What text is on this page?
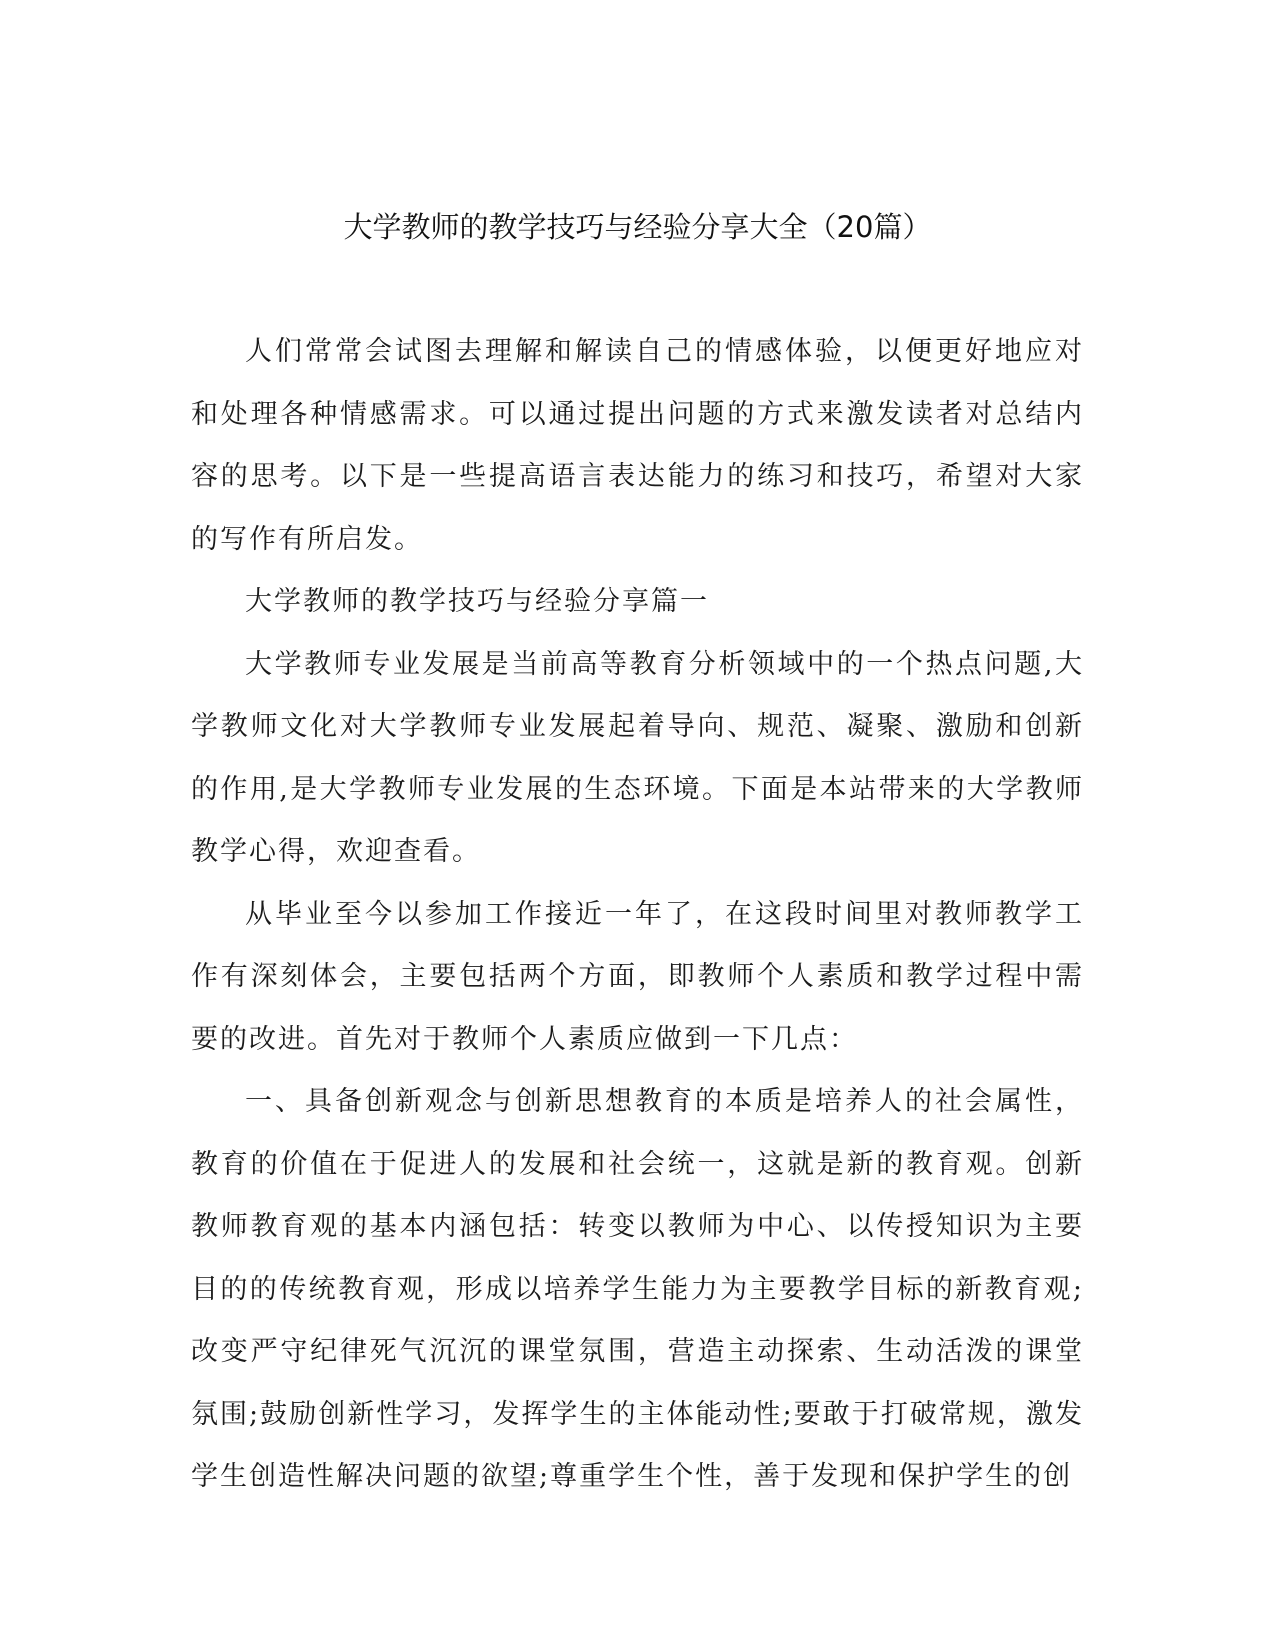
大学教师的教学技巧与经验分享大全（20篇）

人们常常会试图去理解和解读自己的情感体验，以便更好地应对和处理各种情感需求。可以通过提出问题的方式来激发读者对总结内容的思考。以下是一些提高语言表达能力的练习和技巧，希望对大家的写作有所启发。

大学教师的教学技巧与经验分享篇一

大学教师专业发展是当前高等教育分析领域中的一个热点问题,大学教师文化对大学教师专业发展起着导向、规范、凝聚、激励和创新的作用,是大学教师专业发展的生态环境。下面是本站带来的大学教师教学心得，欢迎查看。

从毕业至今以参加工作接近一年了，在这段时间里对教师教学工作有深刻体会，主要包括两个方面，即教师个人素质和教学过程中需要的改进。首先对于教师个人素质应做到一下几点：

一、具备创新观念与创新思想教育的本质是培养人的社会属性，教育的价值在于促进人的发展和社会统一，这就是新的教育观。创新教师教育观的基本内涵包括：转变以教师为中心、以传授知识为主要目的的传统教育观，形成以培养学生能力为主要教学目标的新教育观;改变严守纪律死气沉沉的课堂氛围，营造主动探索、生动活泼的课堂氛围;鼓励创新性学习，发挥学生的主体能动性;要敢于打破常规，激发学生创造性解决问题的欲望;尊重学生个性，善于发现和保护学生的创
